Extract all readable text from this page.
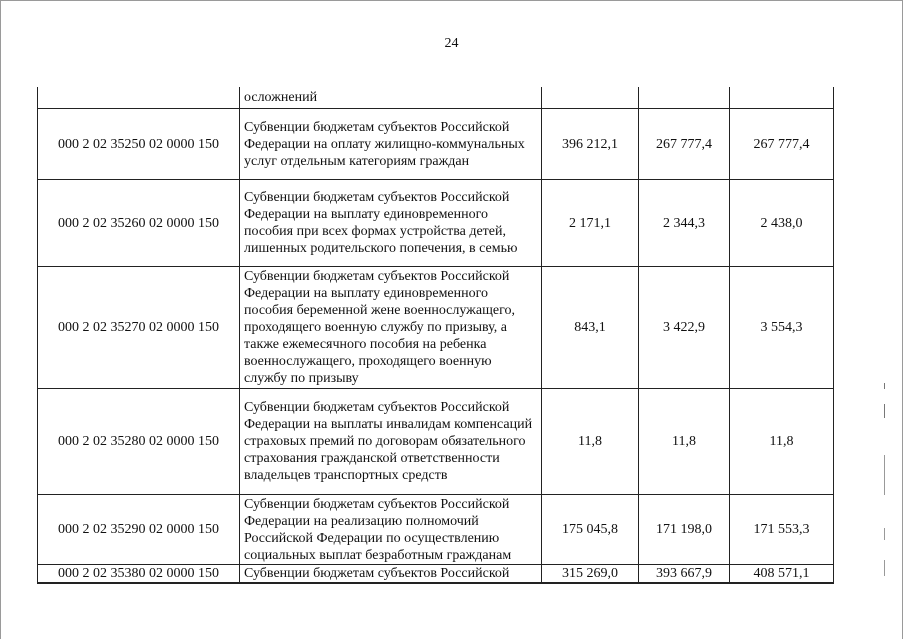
24
	осложнений			
000 2 02 35250 02 0000 150	Субвенции бюджетам субъектов Российской Федерации на оплату жилищно-коммунальных услуг отдельным категориям граждан	396 212,1	267 777,4	267 777,4
000 2 02 35260 02 0000 150	Субвенции бюджетам субъектов Российской Федерации на выплату единовременного пособия при всех формах устройства детей, лишенных родительского попечения, в семью	2 171,1	2 344,3	2 438,0
000 2 02 35270 02 0000 150	Субвенции бюджетам субъектов Российской Федерации на выплату единовременного пособия беременной жене военнослужащего, проходящего военную службу по призыву, а также ежемесячного пособия на ребенка военнослужащего, проходящего военную службу по призыву	843,1	3 422,9	3 554,3
000 2 02 35280 02 0000 150	Субвенции бюджетам субъектов Российской Федерации на выплаты инвалидам компенсаций страховых премий по договорам обязательного страхования гражданской ответственности владельцев транспортных средств	11,8	11,8	11,8
000 2 02 35290 02 0000 150	Субвенции бюджетам субъектов Российской Федерации на реализацию полномочий Российской Федерации по осуществлению социальных выплат безработным гражданам	175 045,8	171 198,0	171 553,3
000 2 02 35380 02 0000 150	Субвенции бюджетам субъектов Российской	315 269,0	393 667,9	408 571,1
